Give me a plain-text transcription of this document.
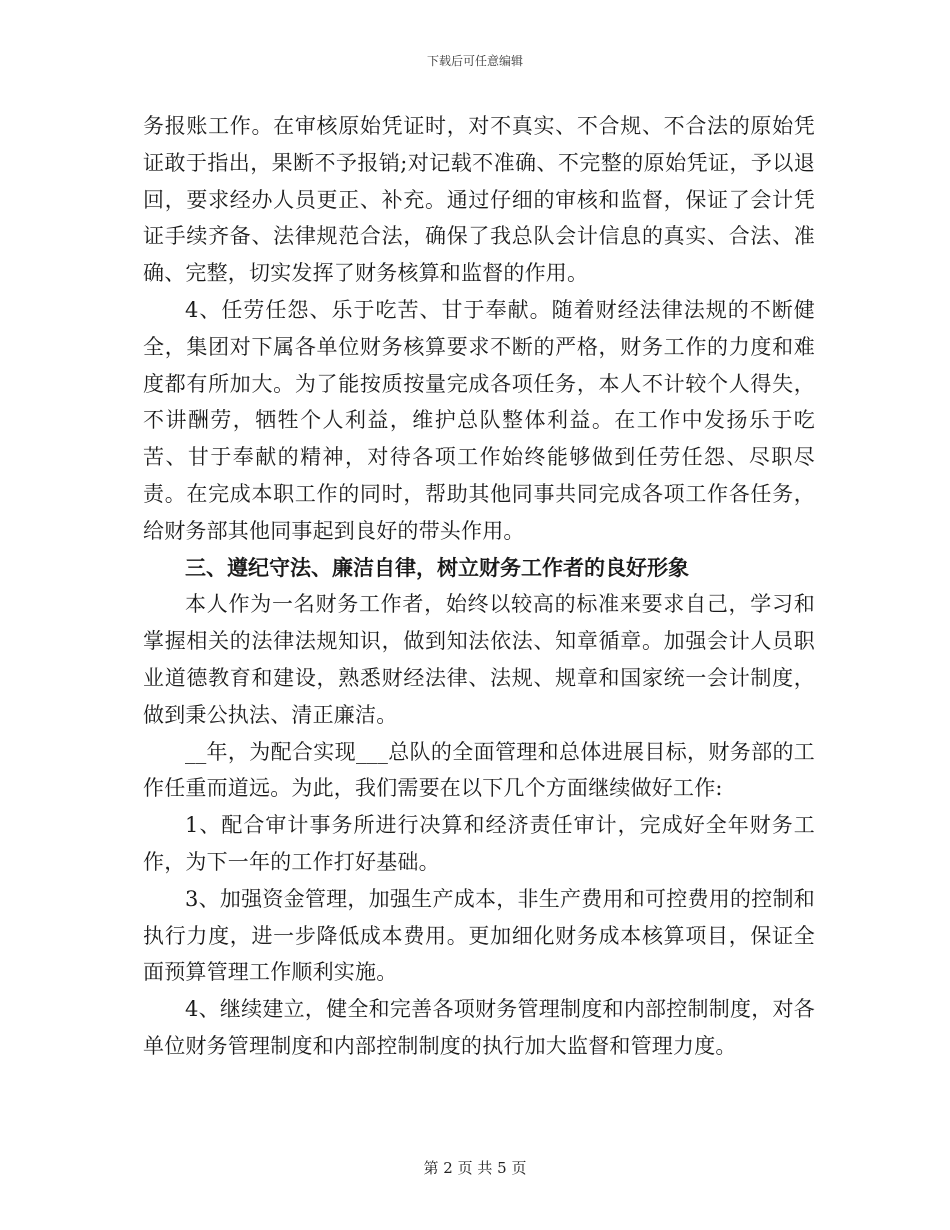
下载后可任意编辑

务报账工作。在审核原始凭证时，对不真实、不合规、不合法的原始凭证敢于指出，果断不予报销;对记载不准确、不完整的原始凭证，予以退回，要求经办人员更正、补充。通过仔细的审核和监督，保证了会计凭证手续齐备、法律规范合法，确保了我总队会计信息的真实、合法、准确、完整，切实发挥了财务核算和监督的作用。

4、任劳任怨、乐于吃苦、甘于奉献。随着财经法律法规的不断健全，集团对下属各单位财务核算要求不断的严格，财务工作的力度和难度都有所加大。为了能按质按量完成各项任务，本人不计较个人得失，不讲酬劳，牺牲个人利益，维护总队整体利益。在工作中发扬乐于吃苦、甘于奉献的精神，对待各项工作始终能够做到任劳任怨、尽职尽责。在完成本职工作的同时，帮助其他同事共同完成各项工作各任务，给财务部其他同事起到良好的带头作用。

三、遵纪守法、廉洁自律，树立财务工作者的良好形象

本人作为一名财务工作者，始终以较高的标准来要求自己，学习和掌握相关的法律法规知识，做到知法依法、知章循章。加强会计人员职业道德教育和建设，熟悉财经法律、法规、规章和国家统一会计制度，做到秉公执法、清正廉洁。

__年，为配合实现___总队的全面管理和总体进展目标，财务部的工作任重而道远。为此，我们需要在以下几个方面继续做好工作:

1、配合审计事务所进行决算和经济责任审计，完成好全年财务工作，为下一年的工作打好基础。

3、加强资金管理，加强生产成本，非生产费用和可控费用的控制和执行力度，进一步降低成本费用。更加细化财务成本核算项目，保证全面预算管理工作顺利实施。

4、继续建立，健全和完善各项财务管理制度和内部控制制度，对各单位财务管理制度和内部控制制度的执行加大监督和管理力度。

第 2 页 共 5 页
